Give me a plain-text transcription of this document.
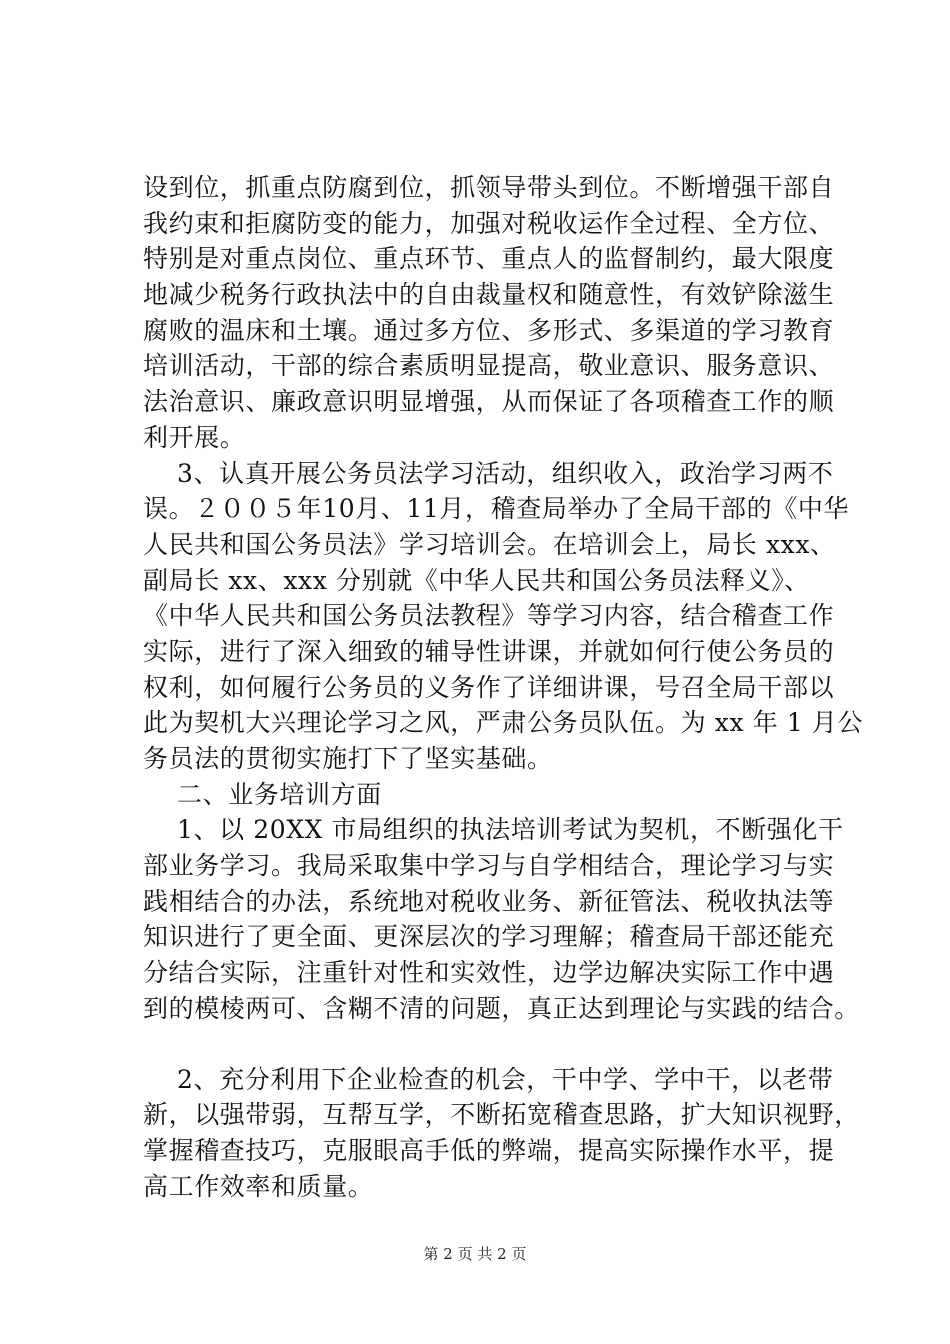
设到位，抓重点防腐到位，抓领导带头到位。不断增强干部自
我约束和拒腐防变的能力，加强对税收运作全过程、全方位、
特别是对重点岗位、重点环节、重点人的监督制约，最大限度
地减少税务行政执法中的自由裁量权和随意性，有效铲除滋生
腐败的温床和土壤。通过多方位、多形式、多渠道的学习教育
培训活动，干部的综合素质明显提高，敬业意识、服务意识、
法治意识、廉政意识明显增强，从而保证了各项稽查工作的顺
利开展。
3、认真开展公务员法学习活动，组织收入，政治学习两不
误。２００５年10月、11月，稽查局举办了全局干部的《中华
人民共和国公务员法》学习培训会。在培训会上，局长 xxx、
副局长 xx、xxx 分别就《中华人民共和国公务员法释义》、
《中华人民共和国公务员法教程》等学习内容，结合稽查工作
实际，进行了深入细致的辅导性讲课，并就如何行使公务员的
权利，如何履行公务员的义务作了详细讲课，号召全局干部以
此为契机大兴理论学习之风，严肃公务员队伍。为 xx 年 1 月公
务员法的贯彻实施打下了坚实基础。
二、业务培训方面
1、以 20XX 市局组织的执法培训考试为契机，不断强化干
部业务学习。我局采取集中学习与自学相结合，理论学习与实
践相结合的办法，系统地对税收业务、新征管法、税收执法等
知识进行了更全面、更深层次的学习理解；稽查局干部还能充
分结合实际，注重针对性和实效性，边学边解决实际工作中遇
到的模棱两可、含糊不清的问题，真正达到理论与实践的结合。
2、充分利用下企业检查的机会，干中学、学中干，以老带
新，以强带弱，互帮互学，不断拓宽稽查思路，扩大知识视野，
掌握稽查技巧，克服眼高手低的弊端，提高实际操作水平，提
高工作效率和质量。
第 2 页 共 2 页
